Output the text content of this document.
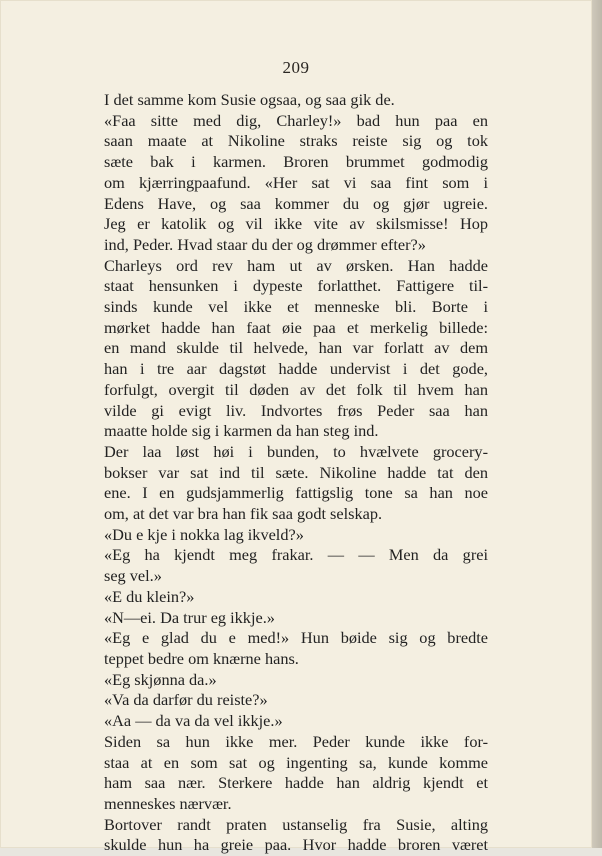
209
I det samme kom Susie ogsaa, og saa gik de.
«Faa sitte med dig, Charley!» bad hun paa en
saan maate at Nikoline straks reiste sig og tok
sæte bak i karmen. Broren brummet godmodig
om kjærringpaafund. «Her sat vi saa fint som i
Edens Have, og saa kommer du og gjør ugreie.
Jeg er katolik og vil ikke vite av skilsmisse! Hop
ind, Peder. Hvad staar du der og drømmer efter?»
Charleys ord rev ham ut av ørsken. Han hadde
staat hensunken i dypeste forlatthet. Fattigere til-
sinds kunde vel ikke et menneske bli. Borte i
mørket hadde han faat øie paa et merkelig billede:
en mand skulde til helvede, han var forlatt av dem
han i tre aar dagstøt hadde undervist i det gode,
forfulgt, overgit til døden av det folk til hvem han
vilde gi evigt liv. Indvortes frøs Peder saa han
maatte holde sig i karmen da han steg ind.
Der laa løst høi i bunden, to hvælvete grocery-
bokser var sat ind til sæte. Nikoline hadde tat den
ene. I en gudsjammerlig fattigslig tone sa han noe
om, at det var bra han fik saa godt selskap.
«Du e kje i nokka lag ikveld?»
«Eg ha kjendt meg frakar. — — Men da grei
seg vel.»
«E du klein?»
«N—ei. Da trur eg ikkje.»
«Eg e glad du e med!» Hun bøide sig og bredte
teppet bedre om knærne hans.
«Eg skjønna da.»
«Va da darfør du reiste?»
«Aa — da va da vel ikkje.»
Siden sa hun ikke mer. Peder kunde ikke for-
staa at en som sat og ingenting sa, kunde komme
ham saa nær. Sterkere hadde han aldrig kjendt et
menneskes nærvær.
Bortover randt praten ustanselig fra Susie, alting
skulde hun ha greie paa. Hvor hadde broren været
